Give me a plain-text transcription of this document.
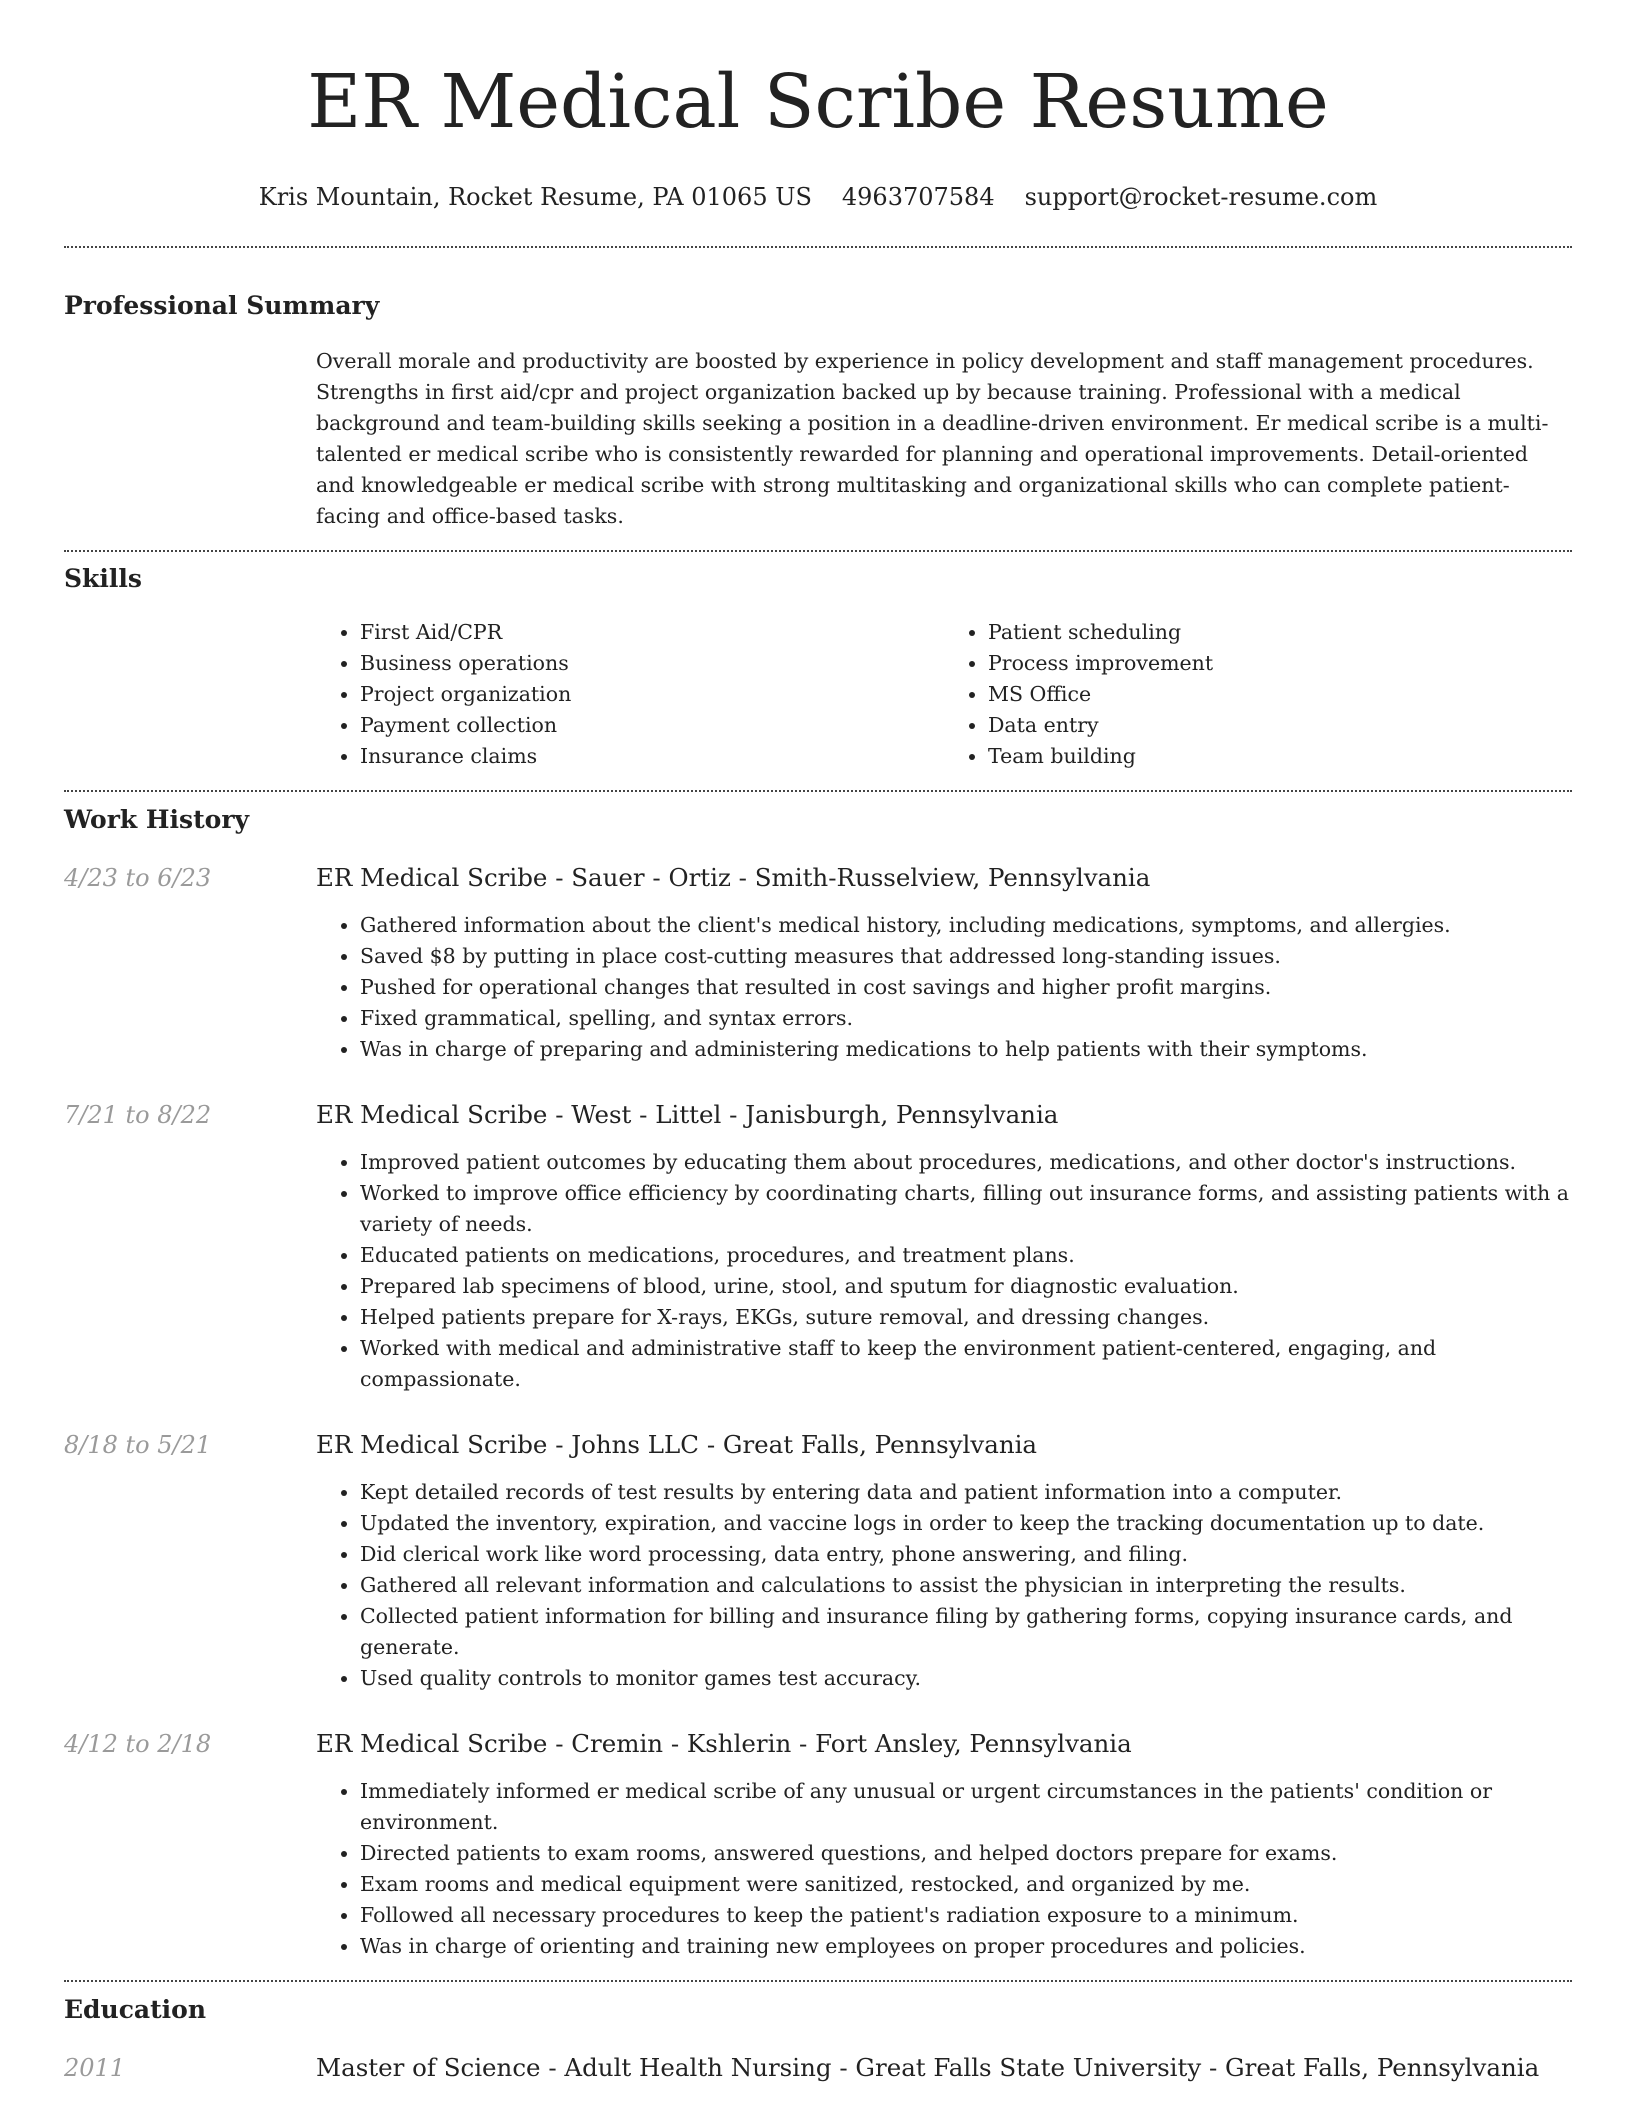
ER Medical Scribe Resume
Kris Mountain, Rocket Resume, PA 01065 US 4963707584 support@rocket-resume.com
Professional Summary
Overall morale and productivity are boosted by experience in policy development and staff management procedures. Strengths in first aid/cpr and project organization backed up by because training. Professional with a medical background and team-building skills seeking a position in a deadline-driven environment. Er medical scribe is a multi-talented er medical scribe who is consistently rewarded for planning and operational improvements. Detail-oriented and knowledgeable er medical scribe with strong multitasking and organizational skills who can complete patient-facing and office-based tasks.
Skills
• First Aid/CPR
• Business operations
• Project organization
• Payment collection
• Insurance claims
• Patient scheduling
• Process improvement
• MS Office
• Data entry
• Team building
Work History
4/23 to 6/23	ER Medical Scribe - Sauer - Ortiz - Smith-Russelview, Pennsylvania
• Gathered information about the client's medical history, including medications, symptoms, and allergies.
• Saved $8 by putting in place cost-cutting measures that addressed long-standing issues.
• Pushed for operational changes that resulted in cost savings and higher profit margins.
• Fixed grammatical, spelling, and syntax errors.
• Was in charge of preparing and administering medications to help patients with their symptoms.
7/21 to 8/22	ER Medical Scribe - West - Littel - Janisburgh, Pennsylvania
• Improved patient outcomes by educating them about procedures, medications, and other doctor's instructions.
• Worked to improve office efficiency by coordinating charts, filling out insurance forms, and assisting patients with a variety of needs.
• Educated patients on medications, procedures, and treatment plans.
• Prepared lab specimens of blood, urine, stool, and sputum for diagnostic evaluation.
• Helped patients prepare for X-rays, EKGs, suture removal, and dressing changes.
• Worked with medical and administrative staff to keep the environment patient-centered, engaging, and compassionate.
8/18 to 5/21	ER Medical Scribe - Johns LLC - Great Falls, Pennsylvania
• Kept detailed records of test results by entering data and patient information into a computer.
• Updated the inventory, expiration, and vaccine logs in order to keep the tracking documentation up to date.
• Did clerical work like word processing, data entry, phone answering, and filing.
• Gathered all relevant information and calculations to assist the physician in interpreting the results.
• Collected patient information for billing and insurance filing by gathering forms, copying insurance cards, and generate.
• Used quality controls to monitor games test accuracy.
4/12 to 2/18	ER Medical Scribe - Cremin - Kshlerin - Fort Ansley, Pennsylvania
• Immediately informed er medical scribe of any unusual or urgent circumstances in the patients' condition or environment.
• Directed patients to exam rooms, answered questions, and helped doctors prepare for exams.
• Exam rooms and medical equipment were sanitized, restocked, and organized by me.
• Followed all necessary procedures to keep the patient's radiation exposure to a minimum.
• Was in charge of orienting and training new employees on proper procedures and policies.
Education
2011	Master of Science - Adult Health Nursing - Great Falls State University - Great Falls, Pennsylvania
